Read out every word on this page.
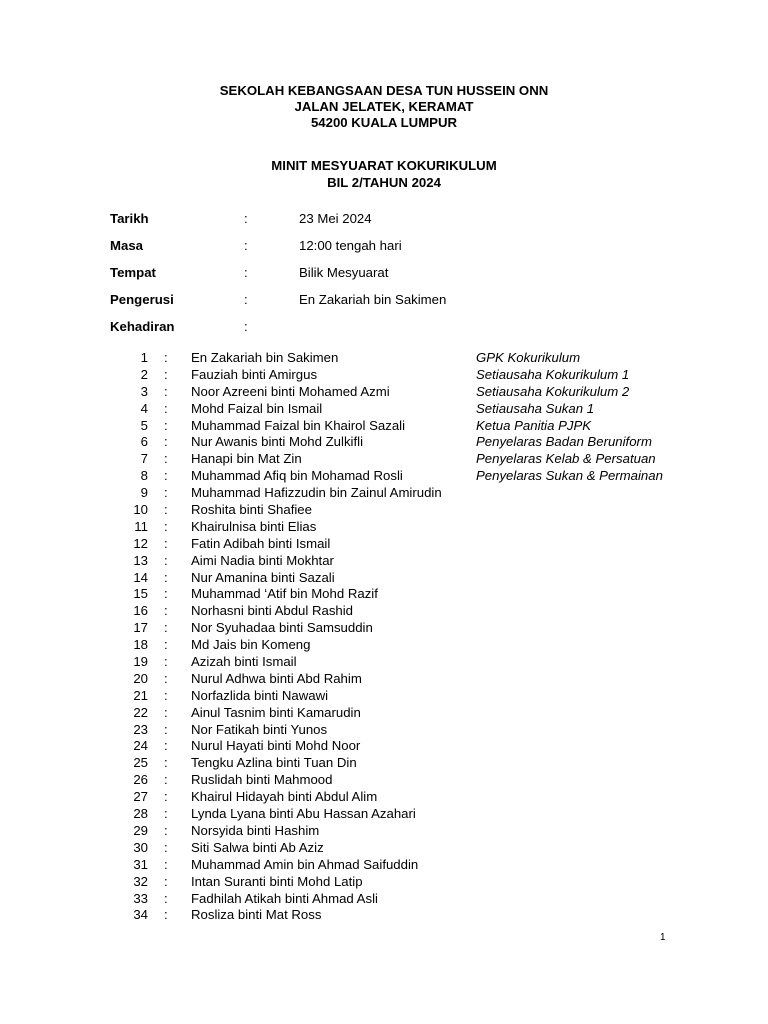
SEKOLAH KEBANGSAAN DESA TUN HUSSEIN ONN
JALAN JELATEK, KERAMAT
54200 KUALA LUMPUR
MINIT MESYUARAT KOKURIKULUM
BIL 2/TAHUN 2024
Tarikh	:	23 Mei 2024
Masa	:	12:00 tengah hari
Tempat	:	Bilik Mesyuarat
Pengerusi	:	En Zakariah bin Sakimen
Kehadiran	:
1 : En Zakariah bin Sakimen	GPK Kokurikulum
2 : Fauziah binti Amirgus	Setiausaha Kokurikulum 1
3 : Noor Azreeni binti Mohamed Azmi	Setiausaha Kokurikulum 2
4 : Mohd Faizal bin Ismail	Setiausaha Sukan 1
5 : Muhammad Faizal bin Khairol Sazali	Ketua Panitia PJPK
6 : Nur Awanis binti Mohd Zulkifli	Penyelaras Badan Beruniform
7 : Hanapi bin Mat Zin	Penyelaras Kelab & Persatuan
8 : Muhammad Afiq bin Mohamad Rosli	Penyelaras Sukan & Permainan
9 : Muhammad Hafizzudin bin Zainul Amirudin
10 : Roshita binti Shafiee
11 : Khairulnisa binti Elias
12 : Fatin Adibah binti Ismail
13 : Aimi Nadia binti Mokhtar
14 : Nur Amanina binti Sazali
15 : Muhammad ‘Atif bin Mohd Razif
16 : Norhasni binti Abdul Rashid
17 : Nor Syuhadaa binti Samsuddin
18 : Md Jais bin Komeng
19 : Azizah binti Ismail
20 : Nurul Adhwa binti Abd Rahim
21 : Norfazlida binti Nawawi
22 : Ainul Tasnim binti Kamarudin
23 : Nor Fatikah binti Yunos
24 : Nurul Hayati binti Mohd Noor
25 : Tengku Azlina binti Tuan Din
26 : Ruslidah binti Mahmood
27 : Khairul Hidayah binti Abdul Alim
28 : Lynda Lyana binti Abu Hassan Azahari
29 : Norsyida binti Hashim
30 : Siti Salwa binti Ab Aziz
31 : Muhammad Amin bin Ahmad Saifuddin
32 : Intan Suranti binti Mohd Latip
33 : Fadhilah Atikah binti Ahmad Asli
34 : Rosliza binti Mat Ross
1
